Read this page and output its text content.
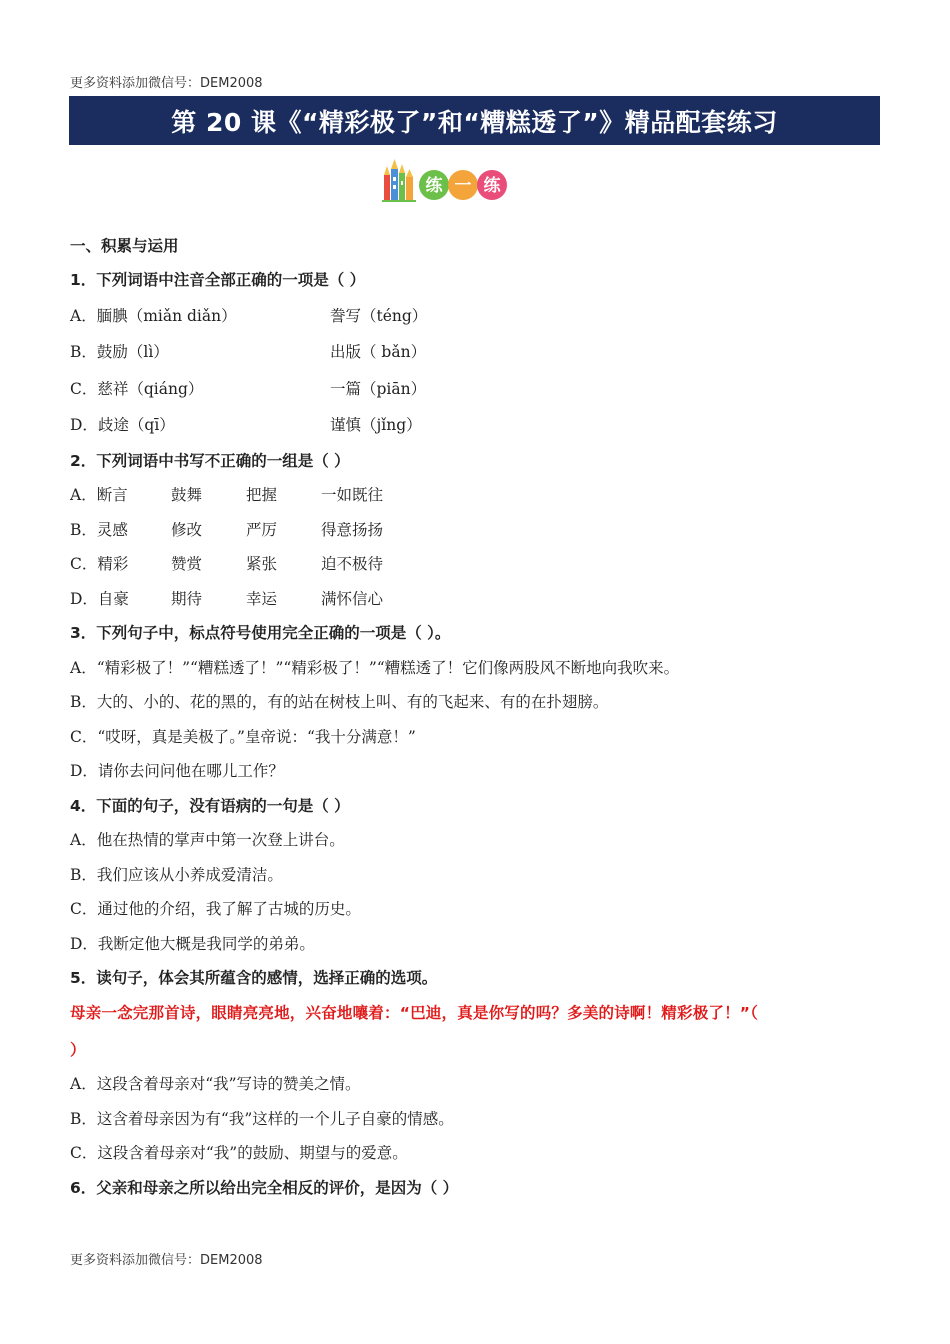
更多资料添加微信号：DEM2008
第 20 课《“精彩极了”和“糟糕透了”》精品配套练习
练 一 练
一、积累与运用
1．下列词语中注音全部正确的一项是（ ）
A．腼腆（miǎn diǎn）	誊写（téng）
B．鼓励（lì）	出版（ bǎn）
C．慈祥（qiáng）	一篇（piān）
D．歧途（qī）	谨慎（jǐng）
2．下列词语中书写不正确的一组是（ ）
A．断言	鼓舞	把握	一如既往
B．灵感	修改	严厉	得意扬扬
C．精彩	赞赏	紧张	迫不极待
D．自豪	期待	幸运	满怀信心
3．下列句子中，标点符号使用完全正确的一项是（ ）。
A．“精彩极了！”“糟糕透了！”“精彩极了！”“糟糕透了！它们像两股风不断地向我吹来。
B．大的、小的、花的黑的，有的站在树枝上叫、有的飞起来、有的在扑翅膀。
C．“哎呀，真是美极了。”皇帝说：“我十分满意！”
D．请你去问问他在哪儿工作？
4．下面的句子，没有语病的一句是（ ）
A．他在热情的掌声中第一次登上讲台。
B．我们应该从小养成爱清洁。
C．通过他的介绍，我了解了古城的历史。
D．我断定他大概是我同学的弟弟。
5．读句子，体会其所蕴含的感情，选择正确的选项。
母亲一念完那首诗，眼睛亮亮地，兴奋地嚷着：“巴迪，真是你写的吗？多美的诗啊！精彩极了！”（
）
A．这段含着母亲对“我”写诗的赞美之情。
B．这含着母亲因为有“我”这样的一个儿子自豪的情感。
C．这段含着母亲对“我”的鼓励、期望与的爱意。
6．父亲和母亲之所以给出完全相反的评价，是因为（ ）
更多资料添加微信号：DEM2008
